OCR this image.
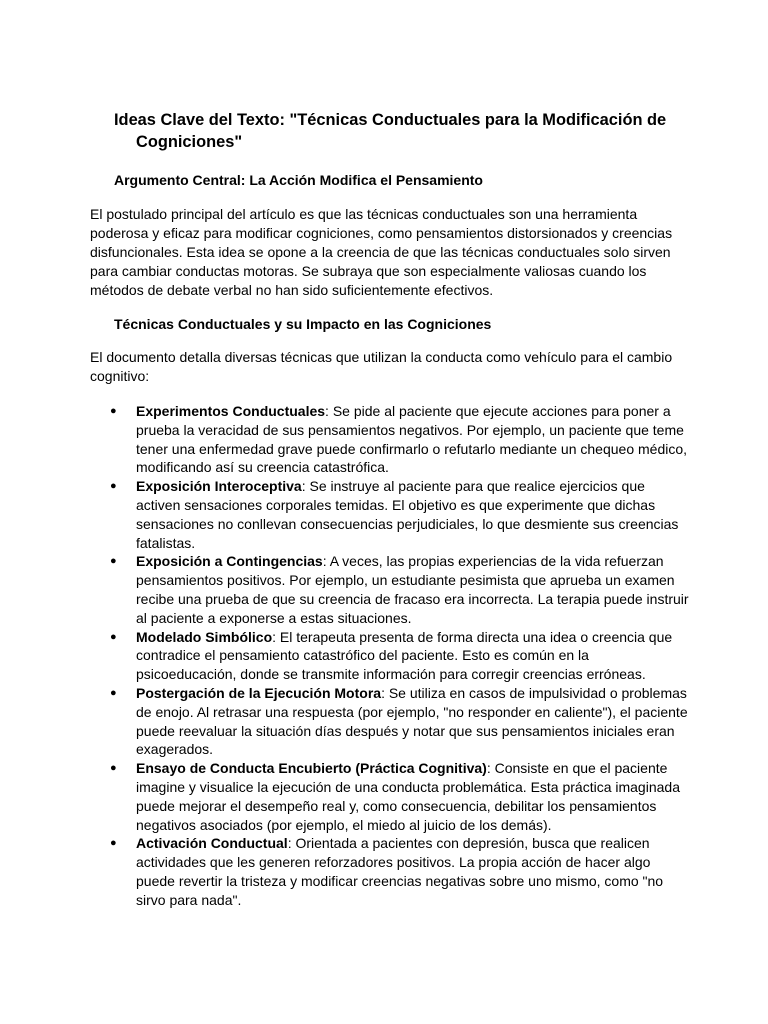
Ideas Clave del Texto: "Técnicas Conductuales para la Modificación de Cogniciones"
Argumento Central: La Acción Modifica el Pensamiento

El postulado principal del artículo es que las técnicas conductuales son una herramienta poderosa y eficaz para modificar cogniciones, como pensamientos distorsionados y creencias disfuncionales. Esta idea se opone a la creencia de que las técnicas conductuales solo sirven para cambiar conductas motoras. Se subraya que son especialmente valiosas cuando los métodos de debate verbal no han sido suficientemente efectivos.

Técnicas Conductuales y su Impacto en las Cogniciones

El documento detalla diversas técnicas que utilizan la conducta como vehículo para el cambio cognitivo:

● Experimentos Conductuales: Se pide al paciente que ejecute acciones para poner a prueba la veracidad de sus pensamientos negativos. Por ejemplo, un paciente que teme tener una enfermedad grave puede confirmarlo o refutarlo mediante un chequeo médico, modificando así su creencia catastrófica.
● Exposición Interoceptiva: Se instruye al paciente para que realice ejercicios que activen sensaciones corporales temidas. El objetivo es que experimente que dichas sensaciones no conllevan consecuencias perjudiciales, lo que desmiente sus creencias fatalistas.
● Exposición a Contingencias: A veces, las propias experiencias de la vida refuerzan pensamientos positivos. Por ejemplo, un estudiante pesimista que aprueba un examen recibe una prueba de que su creencia de fracaso era incorrecta. La terapia puede instruir al paciente a exponerse a estas situaciones.
● Modelado Simbólico: El terapeuta presenta de forma directa una idea o creencia que contradice el pensamiento catastrófico del paciente. Esto es común en la psicoeducación, donde se transmite información para corregir creencias erróneas.
● Postergación de la Ejecución Motora: Se utiliza en casos de impulsividad o problemas de enojo. Al retrasar una respuesta (por ejemplo, "no responder en caliente"), el paciente puede reevaluar la situación días después y notar que sus pensamientos iniciales eran exagerados.
● Ensayo de Conducta Encubierto (Práctica Cognitiva): Consiste en que el paciente imagine y visualice la ejecución de una conducta problemática. Esta práctica imaginada puede mejorar el desempeño real y, como consecuencia, debilitar los pensamientos negativos asociados (por ejemplo, el miedo al juicio de los demás).
● Activación Conductual: Orientada a pacientes con depresión, busca que realicen actividades que les generen reforzadores positivos. La propia acción de hacer algo puede revertir la tristeza y modificar creencias negativas sobre uno mismo, como "no sirvo para nada".
